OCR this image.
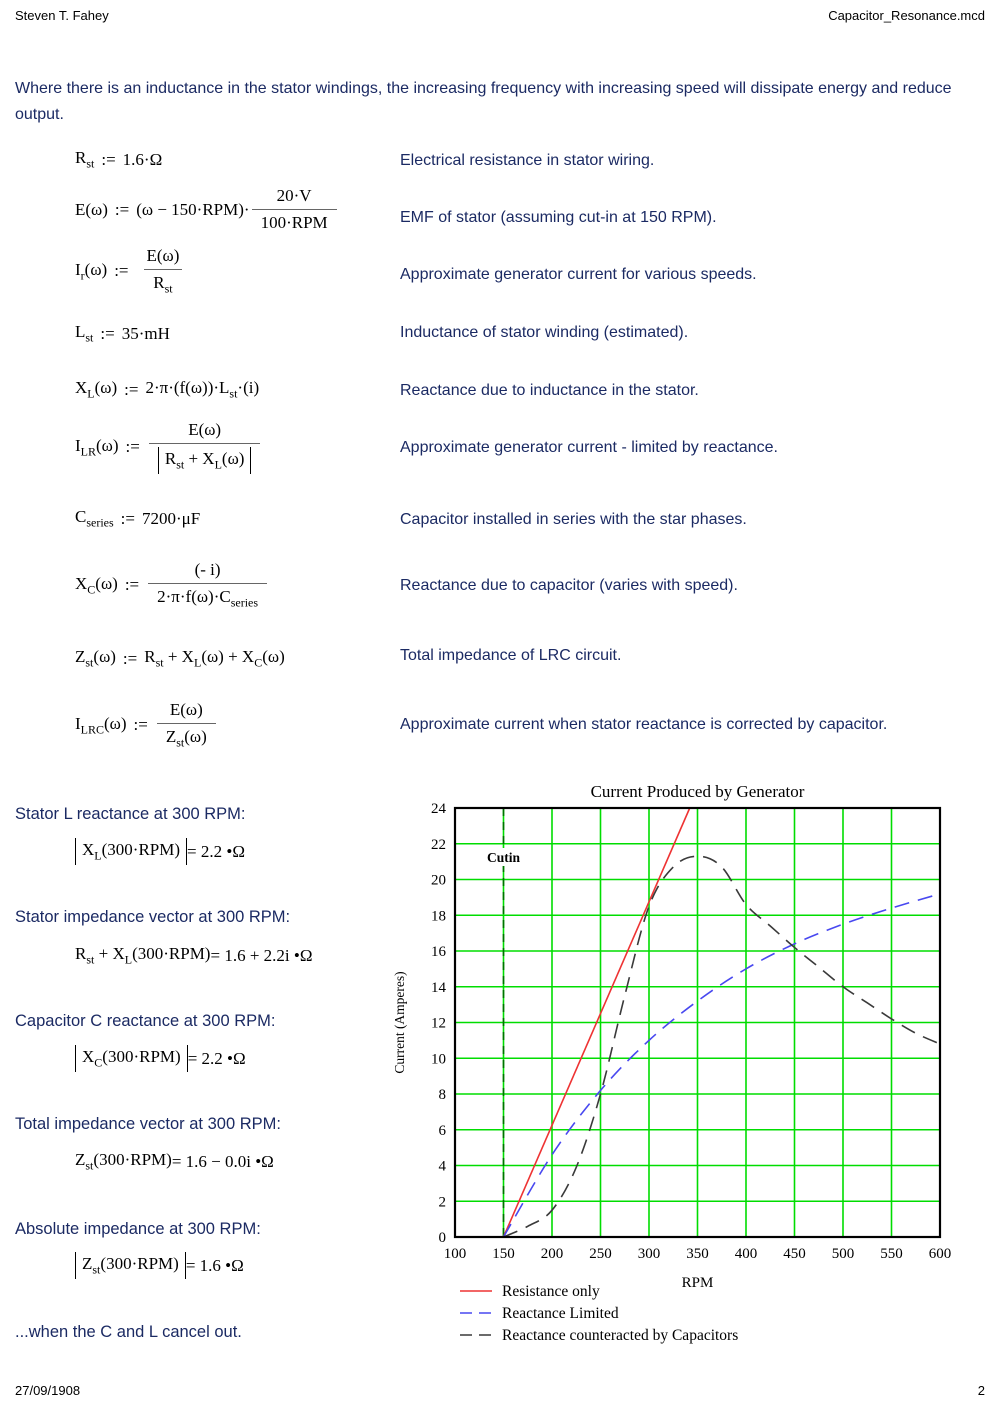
Steven T. Fahey	Capacitor_Resonance.mcd
Where there is an inductance in the stator windings, the increasing frequency with increasing speed will dissipate energy and reduce output.
$R_{st}$ := 1.6·Ω	Electrical resistance in stator wiring.
E(ω) := $(\omega - 150\cdot RPM)\cdot \frac{20\cdot V}{\text{100·RPM}}$	EMF of stator (assuming cut-in at 150 RPM).
$I_r(\omega)$ := $\frac{E(\omega)}{R_{st}}$	Approximate generator current for various speeds.
$L_{st}$ := 35·mH	Inductance of stator winding (estimated).
$X_L(\omega)$ := $2\cdot\pi\cdot(f(\omega))\cdot L_{st}\cdot(i)$	Reactance due to inductance in the stator.
$I_{LR}(\omega)$ := $\frac{E(\omega)}{R_{st} + X_L(\omega)}$	Approximate generator current - limited by reactance.
$C_{series}$ := 7200·μF	Capacitor installed in series with the star phases.
$X_C(\omega)$ := $\frac{(- i)}{2\cdot\pi\cdot f(\omega)\cdot C_{series}}$	Reactance due to capacitor (varies with speed).
$Z_{st}(\omega)$ := $R_{st} + X_L(\omega) + X_C(\omega)$	Total impedance of LRC circuit.
$I_{LRC}(\omega)$ := $\frac{E(\omega)}{Z_{st}(\omega)}$	Approximate current when stator reactance is corrected by capacitor.
Stator L reactance at 300 RPM:
$X_L(300\cdot RPM) = 2.2$ •Ω
Stator impedance vector at 300 RPM:
$R_{st} + X_L(300\cdot RPM) = 1.6 + 2.2i$ •Ω
Capacitor C reactance at 300 RPM:
$X_C(300\cdot RPM) = 2.2$ •Ω
Total impedance vector at 300 RPM:
$Z_{st}(300\cdot RPM) = 1.6 - 0.0i$ •Ω
Absolute impedance at 300 RPM:
$Z_{st}(300\cdot RPM) = 1.6$ •Ω
...when the C and L cancel out.
Cutin
0
2
4
6
8
10
12
14
16
18
20
22
24
100 150 200 250 300 350 400 450 500 550 600
Current Produced by Generator
RPM
Current (Amperes)
Resistance only
Reactance Limited
Reactance counteracted by Capacitors
27/09/1908	2
